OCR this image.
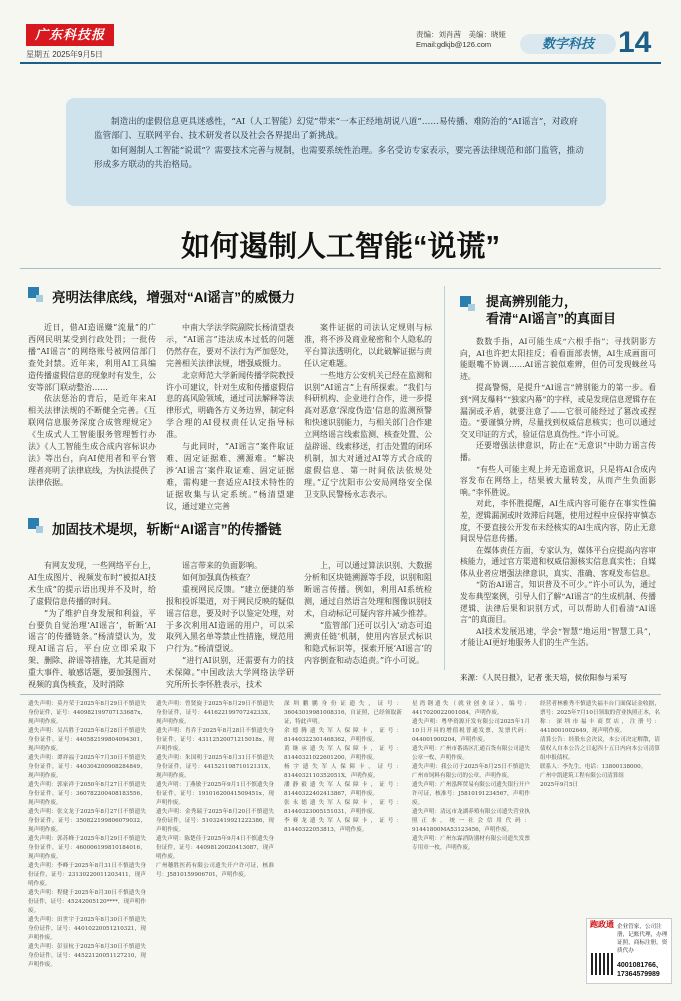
广东科技报
星期五 2025年9月5日
责编：刘肖茜　美编：晓娅
Email:gdkjb@126.com	数字科技 14

制造出的虚假信息更具迷惑性，“AI（人工智能）幻觉”带来“一本正经地胡说八道”……易传播、难防治的“AI谣言”，对政府监管部门、互联网平台、技术研发者以及社会各界提出了新挑战。

如何遏制人工智能“说谎”？需要技术完善与规制，也需要系统性治理。多名受访专家表示，要完善法律规范和部门监管，推动形成多方联动的共治格局。

如何遏制人工智能“说谎”
亮明法律底线，增强对“AI谣言”的威慑力

近日，借AI造谣赚“流量”的广西网民明某受到行政处罚；一批传播“AI谣言”的网络账号被网信部门查处封禁。近年来，利用AI工具编造传播虚假信息的现象时有发生，公安等部门联动整治……

依法惩治的背后，是近年来AI相关法律法规的不断健全完善。《互联网信息服务深度合成管理规定》《生成式人工智能服务管理暂行办法》《人工智能生成合成内容标识办法》等出台，向AI使用者和平台管理者亮明了法律底线，为执法提供了法律依据。

中南大学法学院副院长杨清望表示，“AI谣言”违法成本过低的问题仍然存在，要对不法行为严加惩处，完善相关法律法规，增强威慑力。

北京师范大学新闻传播学院教授许小可建议，针对生成和传播虚假信息的高风险领域，通过司法解释等法律形式，明确各方义务边界，制定科学合理的AI侵权责任认定指导标准。

与此同时，“AI谣言”案件取证难、固定证据难、溯源难。“解决涉‘AI谣言’案件取证难、固定证据难，需构建一套适应AI技术特性的证据收集与认定系统。”杨清望建议，通过建立完善

案件证据的司法认定规则与标准，将不涉及商业秘密和个人隐私的平台算法透明化，以此破解证据与责任认定难题。

一些地方公安机关已经在监测和识别“AI谣言”上有所探索。“我们与科研机构、企业进行合作，进一步提高对恶意‘深度伪造’信息的监测预警和快速识别能力，与相关部门合作建立网络谣言线索监测、核查处置、公益辟谣、线索移送，打击处置的闭环机制，加大对通过AI等方式合成的虚假信息、第一时间依法依规处理。”辽宁沈阳市公安局网络安全保卫支队民警杨永志表示。

加固技术堤坝，斩断“AI谣言”的传播链

有网友发现，一些网络平台上，AI生成图片、视频发布时“被拟AI技术生成”的提示语出现并不及时，给了虚假信息传播的时间。

“为了维护自身发展和利益，平台要负自觉治理‘AI谣言’，斩断‘AI谣言’的传播链条。”杨清望认为，发现AI谣言后，平台应立即采取下架、删除、辟谣等措施，尤其是面对重大事件、敏感话题，要加强图片、视频的真伪核查，及时消除

谣言带来的负面影响。

如何加强真伪核查？

重视网民反馈。“建立便捷的举报和投诉渠道，对于网民反映的疑似谣言信息，要及时予以鉴定处理，对于多次利用AI造谣的用户，可以采取列入黑名单等禁止性措施，规范用户行为。”杨清望说。

“进行AI识别，还需要有力的技术保障。”中国政法大学网络法学研究所所长李怀胜表示，技术

上，可以通过算法识别、大数据分析和区块链溯源等手段，识别和阻断谣言传播。例如，利用AI系统检测，通过自然语言处理和图像识别技术，自动标记可疑内容并减少推荐。

“监管部门还可以引入‘动态可追溯责任链’机制，使用内容层式标识和隐式标识等，探索开展‘AI谣言’的内容倒查和动态追责。”许小可说。

提高辨别能力，
看清“AI谣言”的真面目

数数手指，AI可能生成“六根手指”；寻找阴影方向，AI也许把太阳挂反；看看面部表情，AI生成画面可能眼嘴不协调……AI谣言貌似难辨，但仍可发现蛛丝马迹。

提高警惕，是提升“AI谣言”辨别能力的第一步。看到“网友爆料”“独家内幕”的字样，或是发现信息逻辑存在漏洞或矛盾，就要注意了——它很可能经过了篡改或捏造。“要谨慎分辨，尽量找到权威信息核实；也可以通过交叉印证的方式，验证信息真伪性。”许小可说。

还要增强法律意识，防止在“无意识”中助力谣言传播。

“有些人可能主观上并无造谣意识，只是将AI合成内容发布在网络上，结果被大量转发，从而产生负面影响。”李怀胜说。

对此，李怀胜提醒，AI生成内容可能存在事实性偏差，逻辑漏洞或时效滞后问题，使用过程中应保持审慎态度，不要直接公开发布未经核实的AI生成内容，防止无意间误导信息传播。

在媒体责任方面，专家认为，媒体平台应提高内容审核能力，通过官方渠道和权威信源核实信息真实性；自媒体从业者应增强法律意识，真实、准确、客观发布信息。

“防治AI谣言，知识普及不可少。”许小可认为，通过发布典型案例，引导人们了解“AI谣言”的生成机制、传播逻辑、法律后果和识别方式，可以帮助人们看清“AI谣言”的真面目。

AI技术发展迅速，学会“智慧”地运用“智慧工具”，才能让AI更好地服务人们的生产生活。

来源：《人民日报》，记者 张天培，侯依阳参与采写

遗失声明：莫丹荣于2025年8月29日不慎遗失身份证件，证号：440982199707133687x，现声明作废。

遗失声明：吴昌胜于2025年8月28日不慎遗失身份证件，证号：440582199804094301，现声明作废。

遗失声明：谭祥福于2025年7月30日不慎遗失身份证件，证号：440304200908284849，现声明作废。

遗失声明：郭家祥于2050年8月27日不慎遗失身份证件，证号：360782200408183556，现声明作废。

遗失声明：张文龙于2025年8月27日不慎遗失身份证件，证号：350822199806079032，现声明作废。

遗失声明：郭苏峰于2025年8月29日不慎遗失身份证件，证号：460006199810184016，现声明作废。

遗失声明：李峰于2025年8月31日不慎遗失身份证件，证号：23130220011203411，现声明作废。

遗失声明：程健于2025年8月30日不慎遗失身份证件，证号：45242005120****，现声明作废。

遗失声明：田世宇于2025年8月30日不慎遗失身份证件，证号：44010220051210321，现声明作废。

遗失声明：彭显杭于2025年8月30日不慎遗失身份证件，证号：44522120051127210，现声明作废。

遗失声明：曾贤旋于2025年8月29日不慎遗失身份证件，证号：44162219970724233X，现声明作废。

遗失声明：肖乔于2025年8月28日不慎遗失身份证件，证号：43112520071215018x，现声明作废。

遗失声明：朱国明于2025年8月31日不慎遗失身份证件，证号：44152119871012131X，现声明作废。

遗失声明：丁燕敏于2025年9月1日不慎遗失身份证件，证号：19101620041509451x，现声明作废。

遗失声明：金秀瑞于2025年8月20日不慎遗失身份证件，证号：51032419921222386，现声明作废。

遗失声明：陈楚佳于2025年9月4日不慎遗失身份证件，证号：44098120020413087，现声明作废。

广州穗胜医药有限公司遗失开户许可证，核准号：J5810159906701，声明作废。

深圳鹏鹏身份证遗失，证号：36043019981008316，自证照，已经领取新证，特此声明。

余德腾遗失军人保障卡，证号：81440322301468362，声明作废。

黄继承遗失军人保障卡，证号：81440321022601200，声明作废。

杨宇遗失军人保障卡，证号：8144032110352051X，声明作废。

潘静毅遗失军人保障卡，证号：81440322402413867，声明作废。

张永德遗失军人保障卡，证号：81440323005151031，声明作废。

李赛龙遗失军人保障卡，证号：81440322053813，声明作废。

星湾钢遗失（就业创业证），编号：4417020022001084，声明作废。

遗失声明：粤华资源开发有限公司2025年1月10日开具的增值税普通发票，发票代码：044001900204，声明作废。

遗失声明：广州市番禺区汇通百货有限公司遗失公章一枚，声明作废。

遗失声明：我公司于2025年8月25日不慎遗失广州市饲料有限公司的公章，声明作废。

遗失声明：广州泓辉贸易有限公司遗失银行开户许可证，核准号：J5810191234567，声明作废。

遗失声明：清远市龙湖养殖有限公司遗失营业执照正本，统一社会信用代码：91441800MA53123456，声明作废。

遗失声明：广州东霖消防器材有限公司遗失发票专用章一枚，声明作废。

经营者林雅秀不慎遗失福丰台门面保证金收据，票号：2025年7月10日领取的营业执照正本，名称：深圳市福丰商贸店，注册号：4418001002649，现声明作废。

清算公告：经股东会决议，本公司决定解散，请债权人自本公告之日起四十五日内向本公司清算组申报债权。

联系人：李先生，电话：13800138000。

广州中凯建筑工程有限公司清算组

2025年9月5日

跑政通 企业管家，公司注册，记账代理，办理证照，商标注册，资质代办
4001081766、17364579989
